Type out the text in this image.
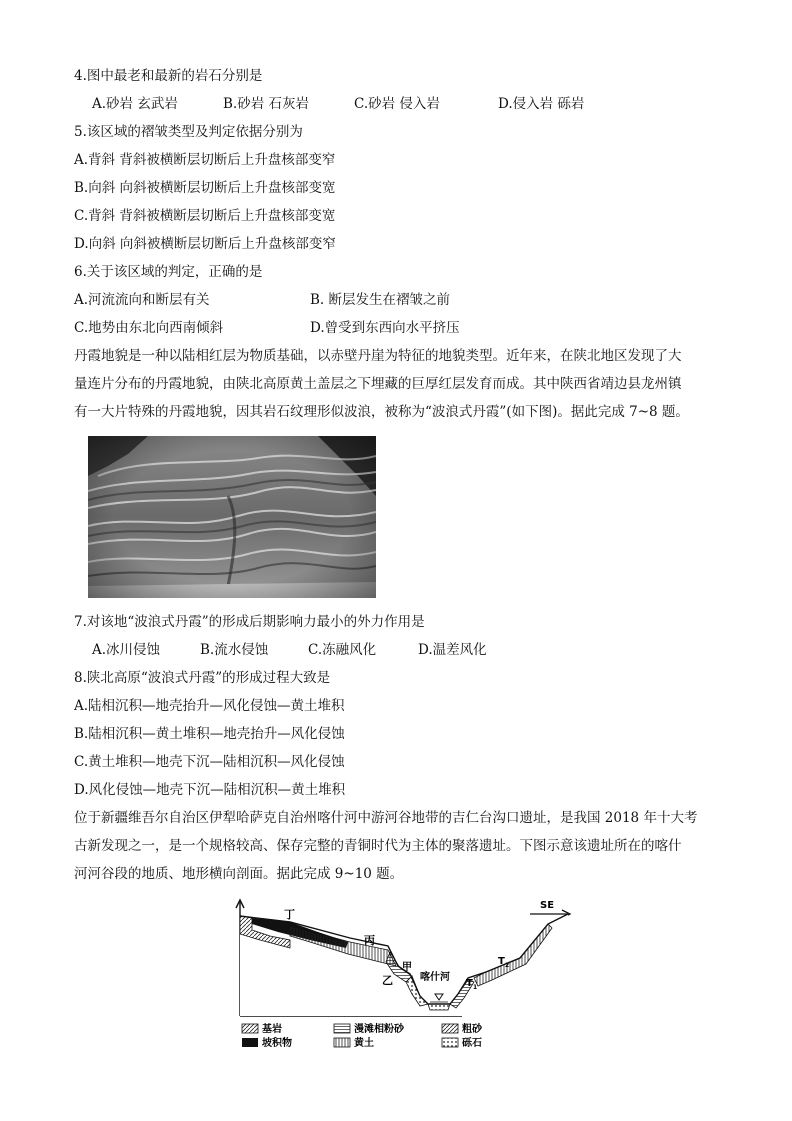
4.图中最老和最新的岩石分别是
A.砂岩 玄武岩	B.砂岩 石灰岩	C.砂岩 侵入岩	D.侵入岩 砾岩
5.该区域的褶皱类型及判定依据分别为
A.背斜 背斜被横断层切断后上升盘核部变窄
B.向斜 向斜被横断层切断后上升盘核部变宽
C.背斜 背斜被横断层切断后上升盘核部变宽
D.向斜 向斜被横断层切断后上升盘核部变窄
6.关于该区域的判定，正确的是
A.河流流向和断层有关	B. 断层发生在褶皱之前
C.地势由东北向西南倾斜	D.曾受到东西向水平挤压
丹霞地貌是一种以陆相红层为物质基础，以赤壁丹崖为特征的地貌类型。近年来，在陕北地区发现了大
量连片分布的丹霞地貌，由陕北高原黄土盖层之下埋藏的巨厚红层发育而成。其中陕西省靖边县龙州镇
有一大片特殊的丹霞地貌，因其岩石纹理形似波浪，被称为“波浪式丹霞”(如下图)。据此完成 7~8 题。
7.对该地“波浪式丹霞”的形成后期影响力最小的外力作用是
A.冰川侵蚀	B.流水侵蚀	C.冻融风化	D.温差风化
8.陕北高原“波浪式丹霞”的形成过程大致是
A.陆相沉积—地壳抬升—风化侵蚀—黄土堆积
B.陆相沉积—黄土堆积—地壳抬升—风化侵蚀
C.黄土堆积—地壳下沉—陆相沉积—风化侵蚀
D.风化侵蚀—地壳下沉—陆相沉积—黄土堆积
位于新疆维吾尔自治区伊犁哈萨克自治州喀什河中游河谷地带的吉仁台沟口遗址，是我国 2018 年十大考
古新发现之一，是一个规格较高、保存完整的青铜时代为主体的聚落遗址。下图示意该遗址所在的喀什
河河谷段的地质、地形横向剖面。据此完成 9~10 题。
SE
丁
丙
甲
乙	喀什河
T 1
T 2
基岩	漫滩相粉砂	粗砂
坡积物	黄土	砾石
